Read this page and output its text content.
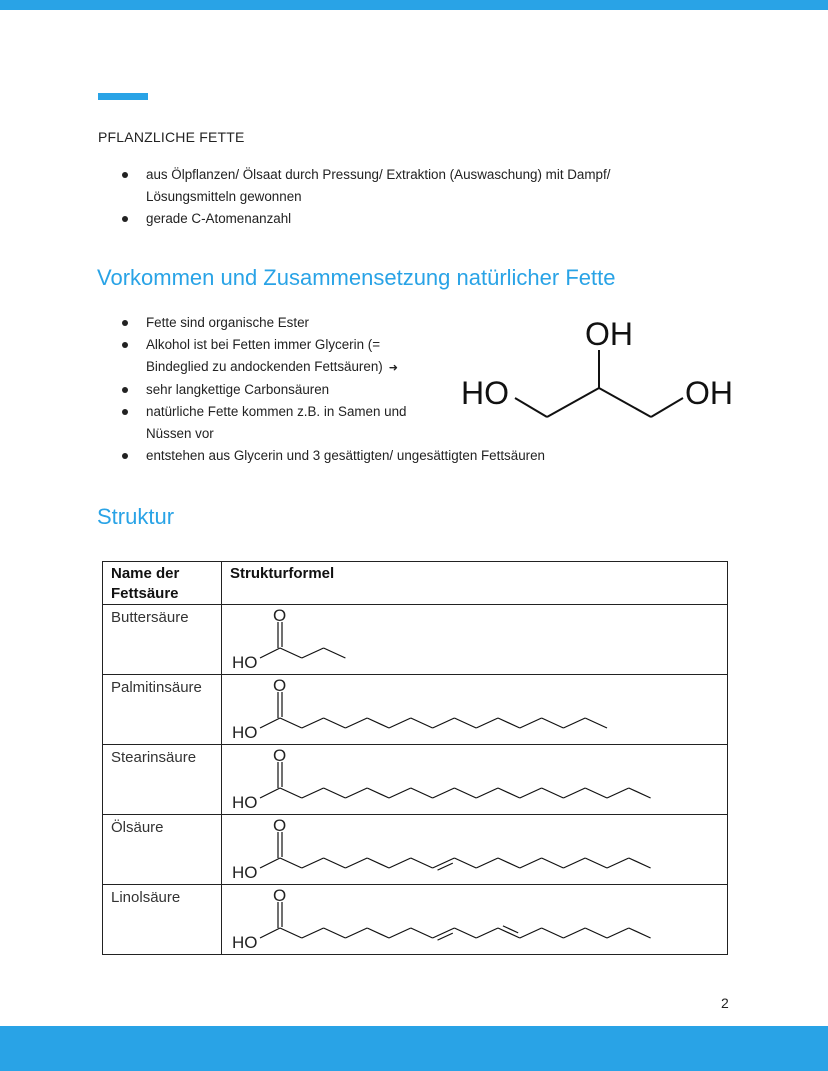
PFLANZLICHE FETTE
aus Ölpflanzen/ Ölsaat durch Pressung/ Extraktion (Auswaschung) mit Dampf/ Lösungsmitteln gewonnen
gerade C-Atomenanzahl
Vorkommen und Zusammensetzung natürlicher Fette
Fette sind organische Ester
Alkohol ist bei Fetten immer Glycerin (= Bindeglied zu andockenden Fettsäuren) ➜
sehr langkettige Carbonsäuren
natürliche Fette kommen z.B. in Samen und Nüssen vor
entstehen aus Glycerin und 3 gesättigten/ ungesättigten Fettsäuren
OH
HO	OH
Struktur
Name der Fettsäure	Strukturformel
Buttersäure	O
HO

Palmitinsäure	O
HO

Stearinsäure	O
HO

Ölsäure	O
HO

Linolsäure	O
HO
2
